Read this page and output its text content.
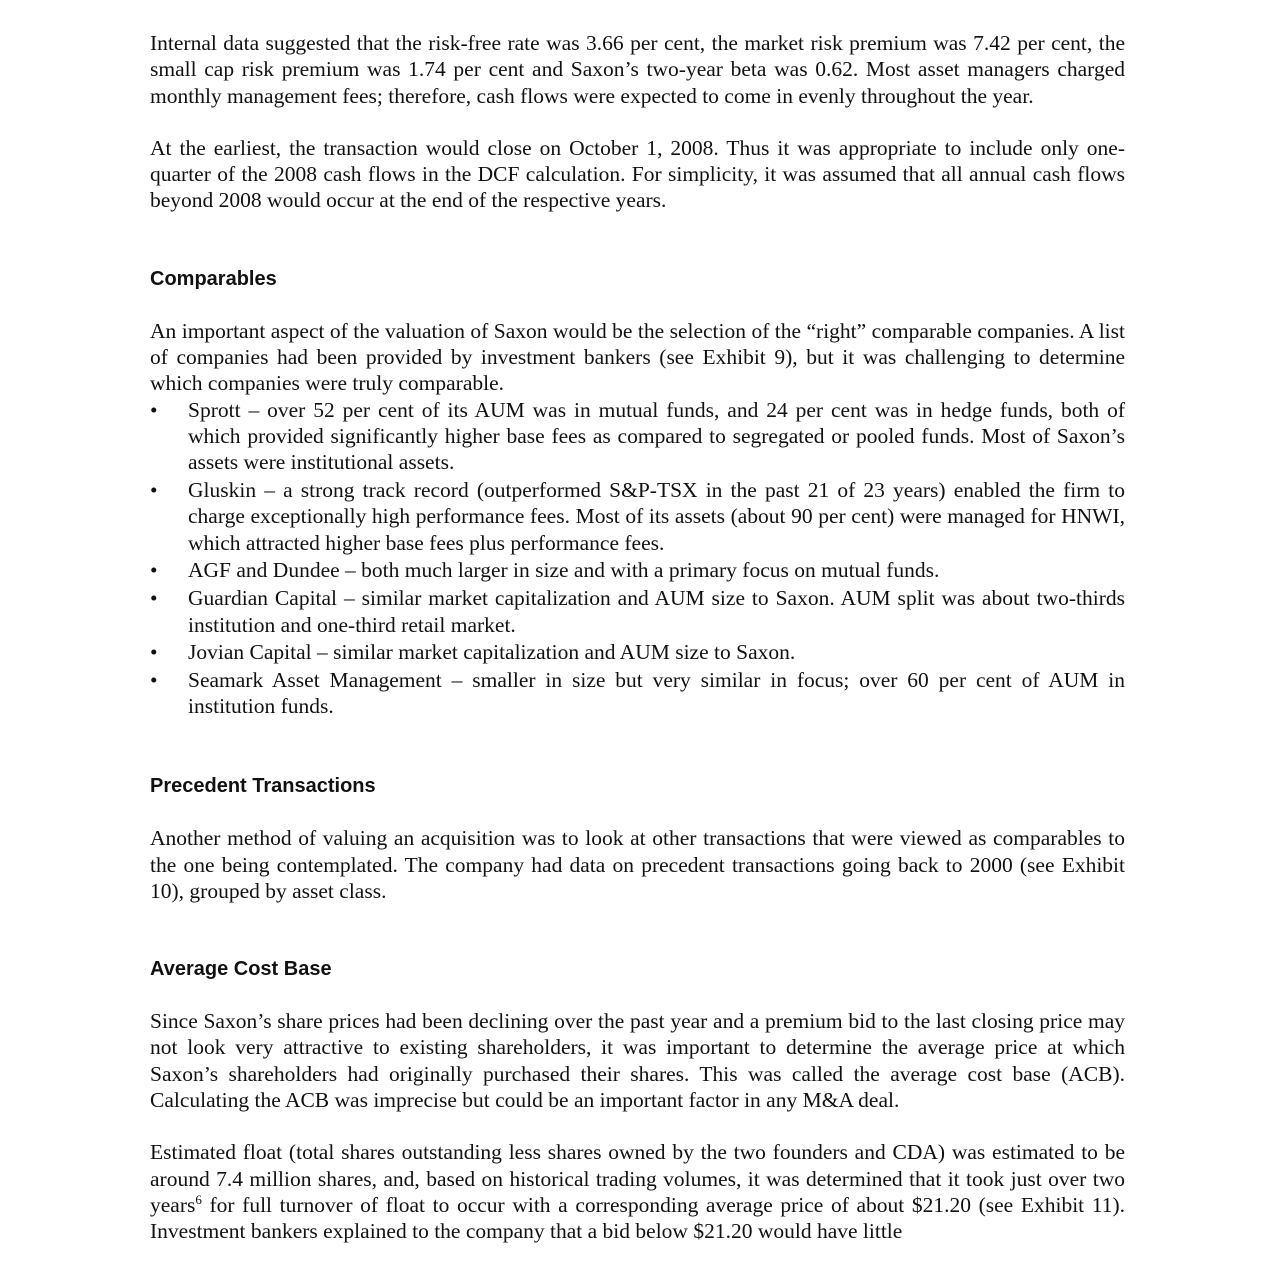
Internal data suggested that the risk-free rate was 3.66 per cent, the market risk premium was 7.42 per cent, the small cap risk premium was 1.74 per cent and Saxon’s two-year beta was 0.62. Most asset managers charged monthly management fees; therefore, cash flows were expected to come in evenly throughout the year.

At the earliest, the transaction would close on October 1, 2008. Thus it was appropriate to include only one-quarter of the 2008 cash flows in the DCF calculation. For simplicity, it was assumed that all annual cash flows beyond 2008 would occur at the end of the respective years.

Comparables

An important aspect of the valuation of Saxon would be the selection of the “right” comparable companies. A list of companies had been provided by investment bankers (see Exhibit 9), but it was challenging to determine which companies were truly comparable.

• Sprott – over 52 per cent of its AUM was in mutual funds, and 24 per cent was in hedge funds, both of which provided significantly higher base fees as compared to segregated or pooled funds. Most of Saxon’s assets were institutional assets.
• Gluskin – a strong track record (outperformed S&P-TSX in the past 21 of 23 years) enabled the firm to charge exceptionally high performance fees. Most of its assets (about 90 per cent) were managed for HNWI, which attracted higher base fees plus performance fees.
• AGF and Dundee – both much larger in size and with a primary focus on mutual funds.
• Guardian Capital – similar market capitalization and AUM size to Saxon. AUM split was about two-thirds institution and one-third retail market.
• Jovian Capital – similar market capitalization and AUM size to Saxon.
• Seamark Asset Management – smaller in size but very similar in focus; over 60 per cent of AUM in institution funds.
Precedent Transactions

Another method of valuing an acquisition was to look at other transactions that were viewed as comparables to the one being contemplated. The company had data on precedent transactions going back to 2000 (see Exhibit 10), grouped by asset class.

Average Cost Base

Since Saxon’s share prices had been declining over the past year and a premium bid to the last closing price may not look very attractive to existing shareholders, it was important to determine the average price at which Saxon’s shareholders had originally purchased their shares. This was called the average cost base (ACB). Calculating the ACB was imprecise but could be an important factor in any M&A deal.

Estimated float (total shares outstanding less shares owned by the two founders and CDA) was estimated to be around 7.4 million shares, and, based on historical trading volumes, it was determined that it took just over two years$^6$ for full turnover of float to occur with a corresponding average price of about $21.20 (see Exhibit 11). Investment bankers explained to the company that a bid below $21.20 would have little
